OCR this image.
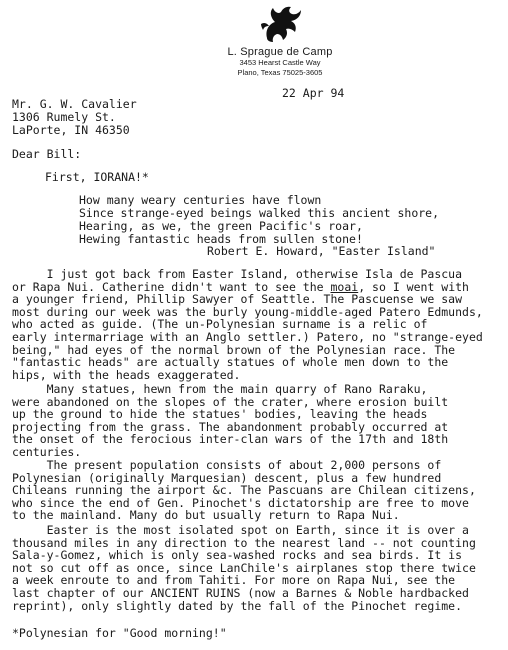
L. Sprague de Camp
3453 Hearst Castle Way
Plano, Texas 75025-3605
22 Apr 94
Mr. G. W. Cavalier
1306 Rumely St.
LaPorte, IN 46350
Dear Bill:
First, IORANA!*
How many weary centuries have flown
Since strange-eyed beings walked this ancient shore,
Hearing, as we, the green Pacific's roar,
Hewing fantastic heads from sullen stone!
Robert E. Howard, "Easter Island"
I just got back from Easter Island, otherwise Isla de Pascua
or Rapa Nui. Catherine didn't want to see the moai, so I went with
a younger friend, Phillip Sawyer of Seattle. The Pascuense we saw
most during our week was the burly young-middle-aged Patero Edmunds,
who acted as guide. (The un-Polynesian surname is a relic of
early intermarriage with an Anglo settler.) Patero, no "strange-eyed
being," had eyes of the normal brown of the Polynesian race. The
"fantastic heads" are actually statues of whole men down to the
hips, with the heads exaggerated.
Many statues, hewn from the main quarry of Rano Raraku,
were abandoned on the slopes of the crater, where erosion built
up the ground to hide the statues' bodies, leaving the heads
projecting from the grass. The abandonment probably occurred at
the onset of the ferocious inter-clan wars of the 17th and 18th
centuries.
The present population consists of about 2,000 persons of
Polynesian (originally Marquesian) descent, plus a few hundred
Chileans running the airport &c. The Pascuans are Chilean citizens,
who since the end of Gen. Pinochet's dictatorship are free to move
to the mainland. Many do but usually return to Rapa Nui.
Easter is the most isolated spot on Earth, since it is over a
thousand miles in any direction to the nearest land -- not counting
Sala-y-Gomez, which is only sea-washed rocks and sea birds. It is
not so cut off as once, since LanChile's airplanes stop there twice
a week enroute to and from Tahiti. For more on Rapa Nui, see the
last chapter of our ANCIENT RUINS (now a Barnes & Noble hardbacked
reprint), only slightly dated by the fall of the Pinochet regime.
*Polynesian for "Good morning!"
